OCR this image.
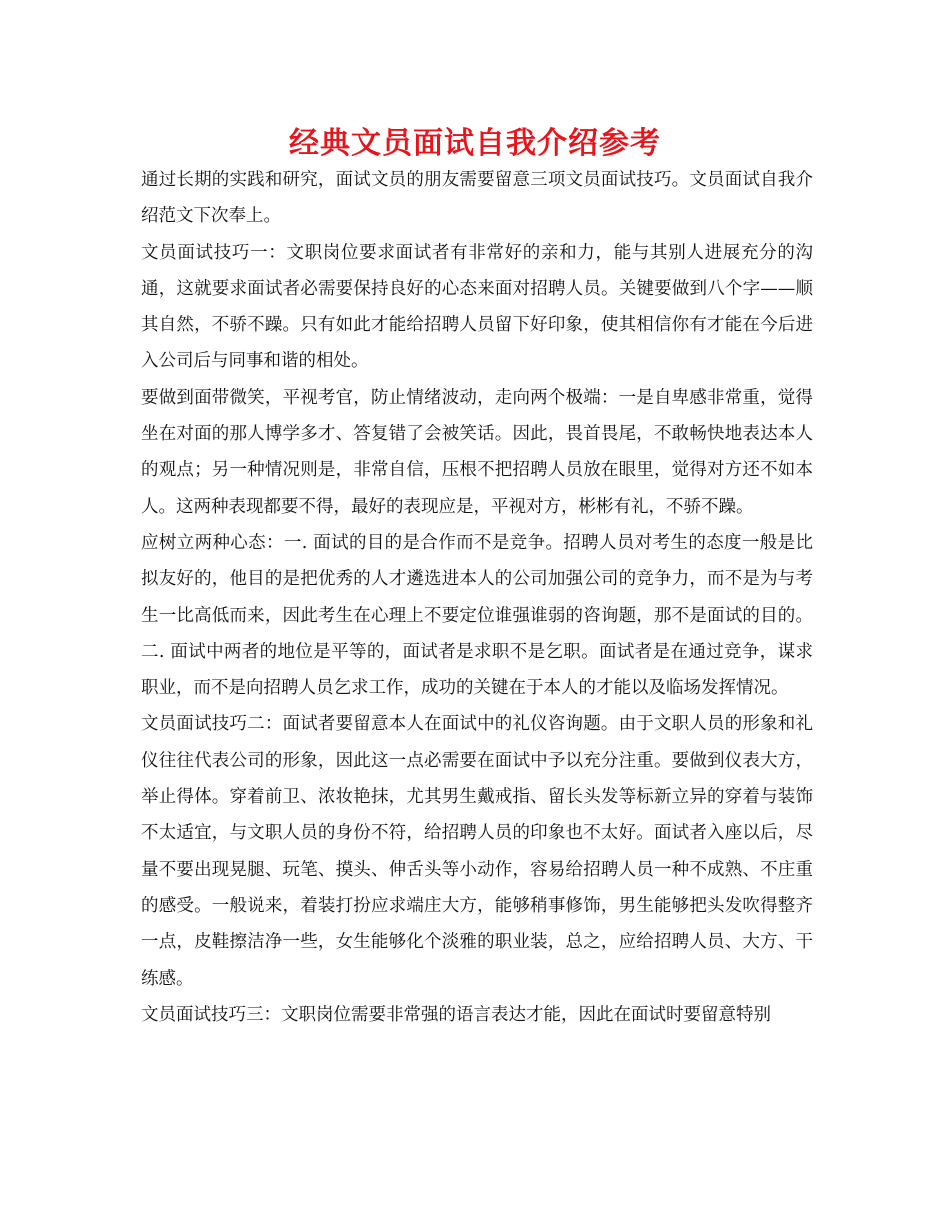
经典文员面试自我介绍参考

通过长期的实践和研究，面试文员的朋友需要留意三项文员面试技巧。文员面试自我介绍范文下次奉上。

文员面试技巧一：文职岗位要求面试者有非常好的亲和力，能与其别人进展充分的沟通，这就要求面试者必需要保持良好的心态来面对招聘人员。关键要做到八个字——顺其自然，不骄不躁。只有如此才能给招聘人员留下好印象，使其相信你有才能在今后进入公司后与同事和谐的相处。

要做到面带微笑，平视考官，防止情绪波动，走向两个极端：一是自卑感非常重，觉得坐在对面的那人博学多才、答复错了会被笑话。因此，畏首畏尾，不敢畅快地表达本人的观点；另一种情况则是，非常自信，压根不把招聘人员放在眼里，觉得对方还不如本人。这两种表现都要不得，最好的表现应是，平视对方，彬彬有礼，不骄不躁。

应树立两种心态：一. 面试的目的是合作而不是竞争。招聘人员对考生的态度一般是比拟友好的，他目的是把优秀的人才遴选进本人的公司加强公司的竞争力，而不是为与考生一比高低而来，因此考生在心理上不要定位谁强谁弱的咨询题，那不是面试的目的。二. 面试中两者的地位是平等的，面试者是求职不是乞职。面试者是在通过竞争，谋求职业，而不是向招聘人员乞求工作，成功的关键在于本人的才能以及临场发挥情况。

文员面试技巧二：面试者要留意本人在面试中的礼仪咨询题。由于文职人员的形象和礼仪往往代表公司的形象，因此这一点必需要在面试中予以充分注重。要做到仪表大方，举止得体。穿着前卫、浓妆艳抹，尤其男生戴戒指、留长头发等标新立异的穿着与装饰不太适宜，与文职人员的身份不符，给招聘人员的印象也不太好。面试者入座以后，尽量不要出现晃腿、玩笔、摸头、伸舌头等小动作，容易给招聘人员一种不成熟、不庄重的感受。一般说来，着装打扮应求端庄大方，能够稍事修饰，男生能够把头发吹得整齐一点，皮鞋擦洁净一些，女生能够化个淡雅的职业装，总之，应给招聘人员、大方、干练感。

文员面试技巧三：文职岗位需要非常强的语言表达才能，因此在面试时要留意特别
